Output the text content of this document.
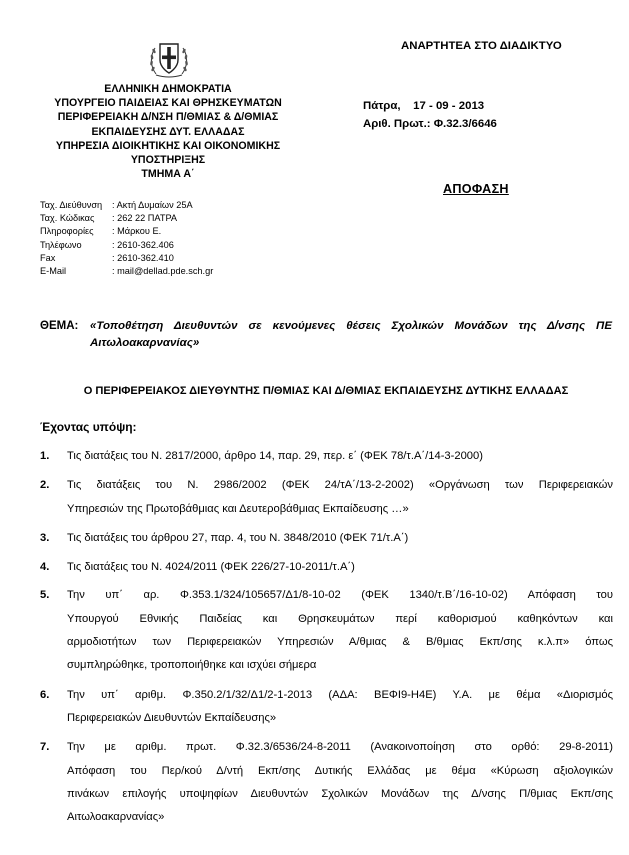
ΕΛΛΗΝΙΚΗ ΔΗΜΟΚΡΑΤΙΑ
ΥΠΟΥΡΓΕΙΟ ΠΑΙΔΕΙΑΣ ΚΑΙ ΘΡΗΣΚΕΥΜΑΤΩΝ
ΠΕΡΙΦΕΡΕΙΑΚΗ Δ/ΝΣΗ Π/ΘΜΙΑΣ & Δ/ΘΜΙΑΣ
ΕΚΠΑΙΔΕΥΣΗΣ ΔΥΤ. ΕΛΛΑΔΑΣ
ΥΠΗΡΕΣΙΑ ΔΙΟΙΚΗΤΙΚΗΣ ΚΑΙ ΟΙΚΟΝΟΜΙΚΗΣ
ΥΠΟΣΤΗΡΙΞΗΣ
ΤΜΗΜΑ Α΄
ΑΝΑΡΤΗΤΕΑ ΣΤΟ ΔΙΑΔΙΚΤΥΟ
Πάτρα,    17 - 09 - 2013
Αριθ. Πρωτ.: Φ.32.3/6646
ΑΠΟΦΑΣΗ
Ταχ. Διεύθυνση : Ακτή Δυμαίων 25Α
Ταχ. Κώδικας : 262 22 ΠΑΤΡΑ
Πληροφορίες : Μάρκου Ε.
Τηλέφωνο	: 2610-362.406
Fax	: 2610-362.410
E-Mail	: mail@dellad.pde.sch.gr
ΘΕΜΑ:	«Τοποθέτηση Διευθυντών σε κενούμενες θέσεις Σχολικών Μονάδων της Δ/νσης ΠΕ
Αιτωλοακαρνανίας»
Ο ΠΕΡΙΦΕΡΕΙΑΚΟΣ ΔΙΕΥΘΥΝΤΗΣ Π/ΘΜΙΑΣ ΚΑΙ Δ/ΘΜΙΑΣ ΕΚΠΑΙΔΕΥΣΗΣ ΔΥΤΙΚΗΣ ΕΛΛΑΔΑΣ
Έχοντας υπόψη:
1. Τις διατάξεις του Ν. 2817/2000, άρθρο 14, παρ. 29, περ. ε΄ (ΦΕΚ 78/τ.Α΄/14-3-2000)
2. Τις διατάξεις του Ν. 2986/2002 (ΦΕΚ 24/τΑ΄/13-2-2002) «Οργάνωση των Περιφερειακών
Υπηρεσιών της Πρωτοβάθμιας και Δευτεροβάθμιας Εκπαίδευσης …»
3. Τις διατάξεις του άρθρου 27, παρ. 4, του Ν. 3848/2010 (ΦΕΚ 71/τ.Α΄)
4. Τις διατάξεις του Ν. 4024/2011 (ΦΕΚ 226/27-10-2011/τ.Α΄)
5. Την υπ΄ αρ. Φ.353.1/324/105657/Δ1/8-10-02 (ΦΕΚ 1340/τ.Β΄/16-10-02) Απόφαση του
Υπουργού Εθνικής Παιδείας και Θρησκευμάτων περί καθορισμού καθηκόντων και
αρμοδιοτήτων των Περιφερειακών Υπηρεσιών Α/θμιας & Β/θμιας Εκπ/σης κ.λ.π» όπως
συμπληρώθηκε, τροποποιήθηκε και ισχύει σήμερα
6. Την υπ΄ αριθμ. Φ.350.2/1/32/Δ1/2-1-2013 (ΑΔΑ: ΒΕΦΙ9-Η4Ε) Υ.Α. με θέμα «Διορισμός
Περιφερειακών Διευθυντών Εκπαίδευσης»
7. Την με αριθμ. πρωτ. Φ.32.3/6536/24-8-2011 (Ανακοινοποίηση στο ορθό: 29-8-2011)
Απόφαση του Περ/κού Δ/ντή Εκπ/σης Δυτικής Ελλάδας με θέμα «Κύρωση αξιολογικών
πινάκων επιλογής υποψηφίων Διευθυντών Σχολικών Μονάδων της Δ/νσης Π/θμιας Εκπ/σης
Αιτωλοακαρνανίας»
